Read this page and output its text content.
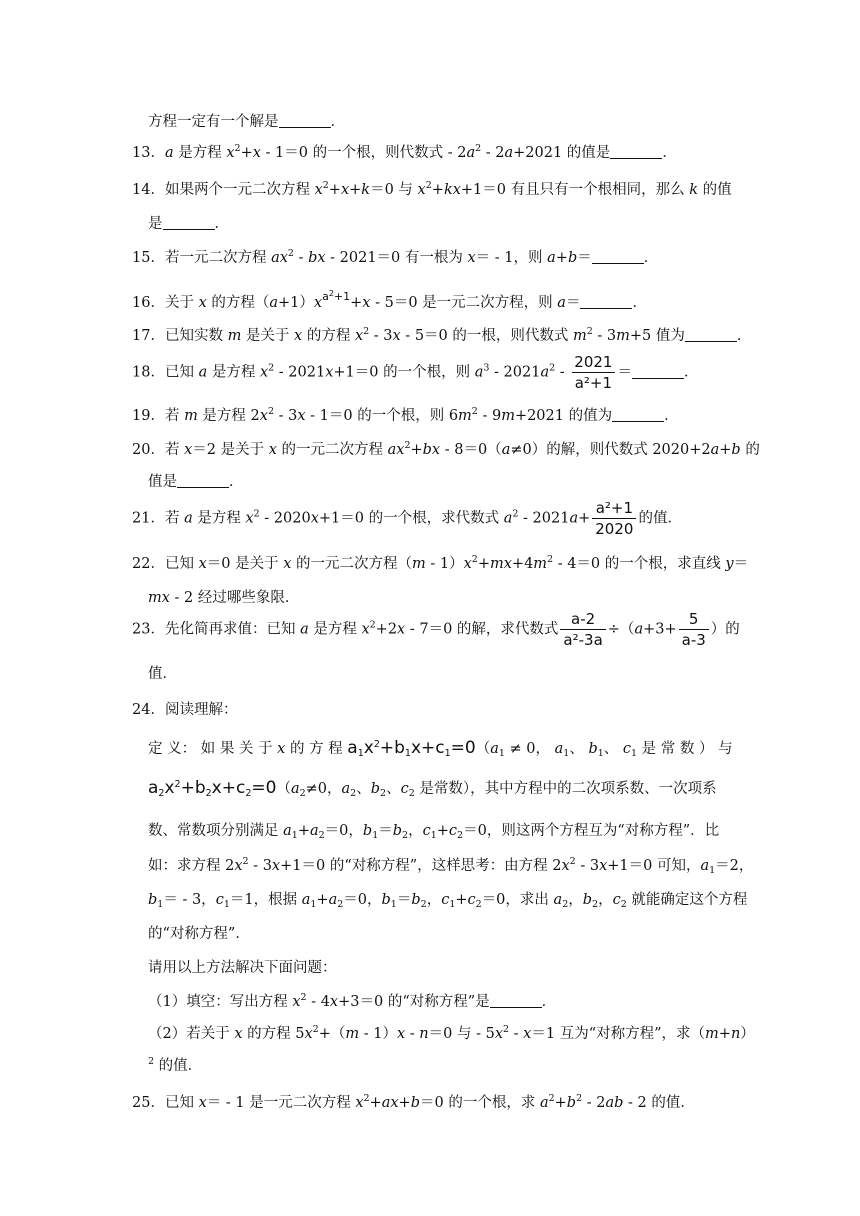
方程一定有一个解是	．
13．a 是方程 $x^2+x - 1=0$ 的一个根，则代数式 - $2a^2 - 2a+2021$ 的值是	．
14．如果两个一元二次方程 $x^2+x+k=0$ 与 $x^2+kx+1=0$ 有且只有一个根相同，那么 k 的值
是	．
15．若一元二次方程 $ax^2$ - bx - 2021＝0 有一根为 x＝ - 1，则 a+b＝	．
16．关于 x 的方程$(a+1)x^{a^2+1}+x - 5=0$ 是一元二次方程，则 a＝	．
17．已知实数 m 是关于 x 的方程 $x^2 - 3x - 5=0$ 的一根，则代数式 $m^2 - 3m+5$ 值为	．
18．已知 a 是方程 $x^2 - 2021x+1=0$ 的一个根，则 $a^3 - 2021a^2 - \frac{2021}{\text{a²+1}}$ ＝	．
19．若 m 是方程 $2x^2 - 3x - 1=0$ 的一个根，则 $6m^2 - 9m+2021$ 的值为	．
20．若 x＝2 是关于 x 的一元二次方程 $ax^2+bx - 8=0(a\ne 0)$的解，则代数式 2020+2a+b 的
值是	．
21．若 a 是方程 $x^2 - 2020x+1=0$ 的一个根，求代数式 $a^2 - 2021a+ \frac{\text{a²+1}}{2020}$ 的值．
22．已知 x＝0 是关于 x 的一元二次方程$(m - 1)x^2+mx+4m^2 - 4=0$ 的一个根，求直线 y＝
mx - 2 经过哪些象限．
23．先化简再求值：已知 a 是方程 $x^2+2x - 7=0$ 的解，求代数式 $\frac{a-2}{\text{a²-3a}} \div(a+3+ \frac{5}{a-3}$ ）的
值．
24．阅读理解：
定 义： 如 果 关 于 x 的 方 程 $a_1x^2+b_1x+c_1=0(a_1 \ne 0$， $a_1$、 $b_1$、 $c_1$ 是 常 数 ） 与
$a_2x^2+b_2x+c_2=0(a_2\ne 0$，$a_2$、$b_2$、$c_2$ 是常数），其中方程中的二次项系数、一次项系
数、常数项分别满足 $a_1+a_2=0$，$b_1=b_2$，$c_1+c_2=0$，则这两个方程互为“对称方程”．比
如：求方程 $2x^2 - 3x+1=0$ 的“对称方程”，这样思考：由方程 $2x^2 - 3x+1=0$ 可知，$a_1=2$，
$b_1= - 3$，$c_1=1$，根据 $a_1+a_2=0$，$b_1=b_2$，$c_1+c_2=0$，求出 $a_2$，$b_2$，$c_2$ 就能确定这个方程
的“对称方程”．
请用以上方法解决下面问题：
（1）填空：写出方程 $x^2 - 4x+3=0$ 的“对称方程”是	．
（2）若关于 x 的方程 $5x^2+(m - 1)x - n=0$ 与 - $5x^2 - x=1$ 互为“对称方程”，求（m+n）
$^2$ 的值．
25．已知 x＝ - 1 是一元二次方程 $x^2+ax+b=0$ 的一个根，求 $a^2+b^2 - 2ab - 2$ 的值．
